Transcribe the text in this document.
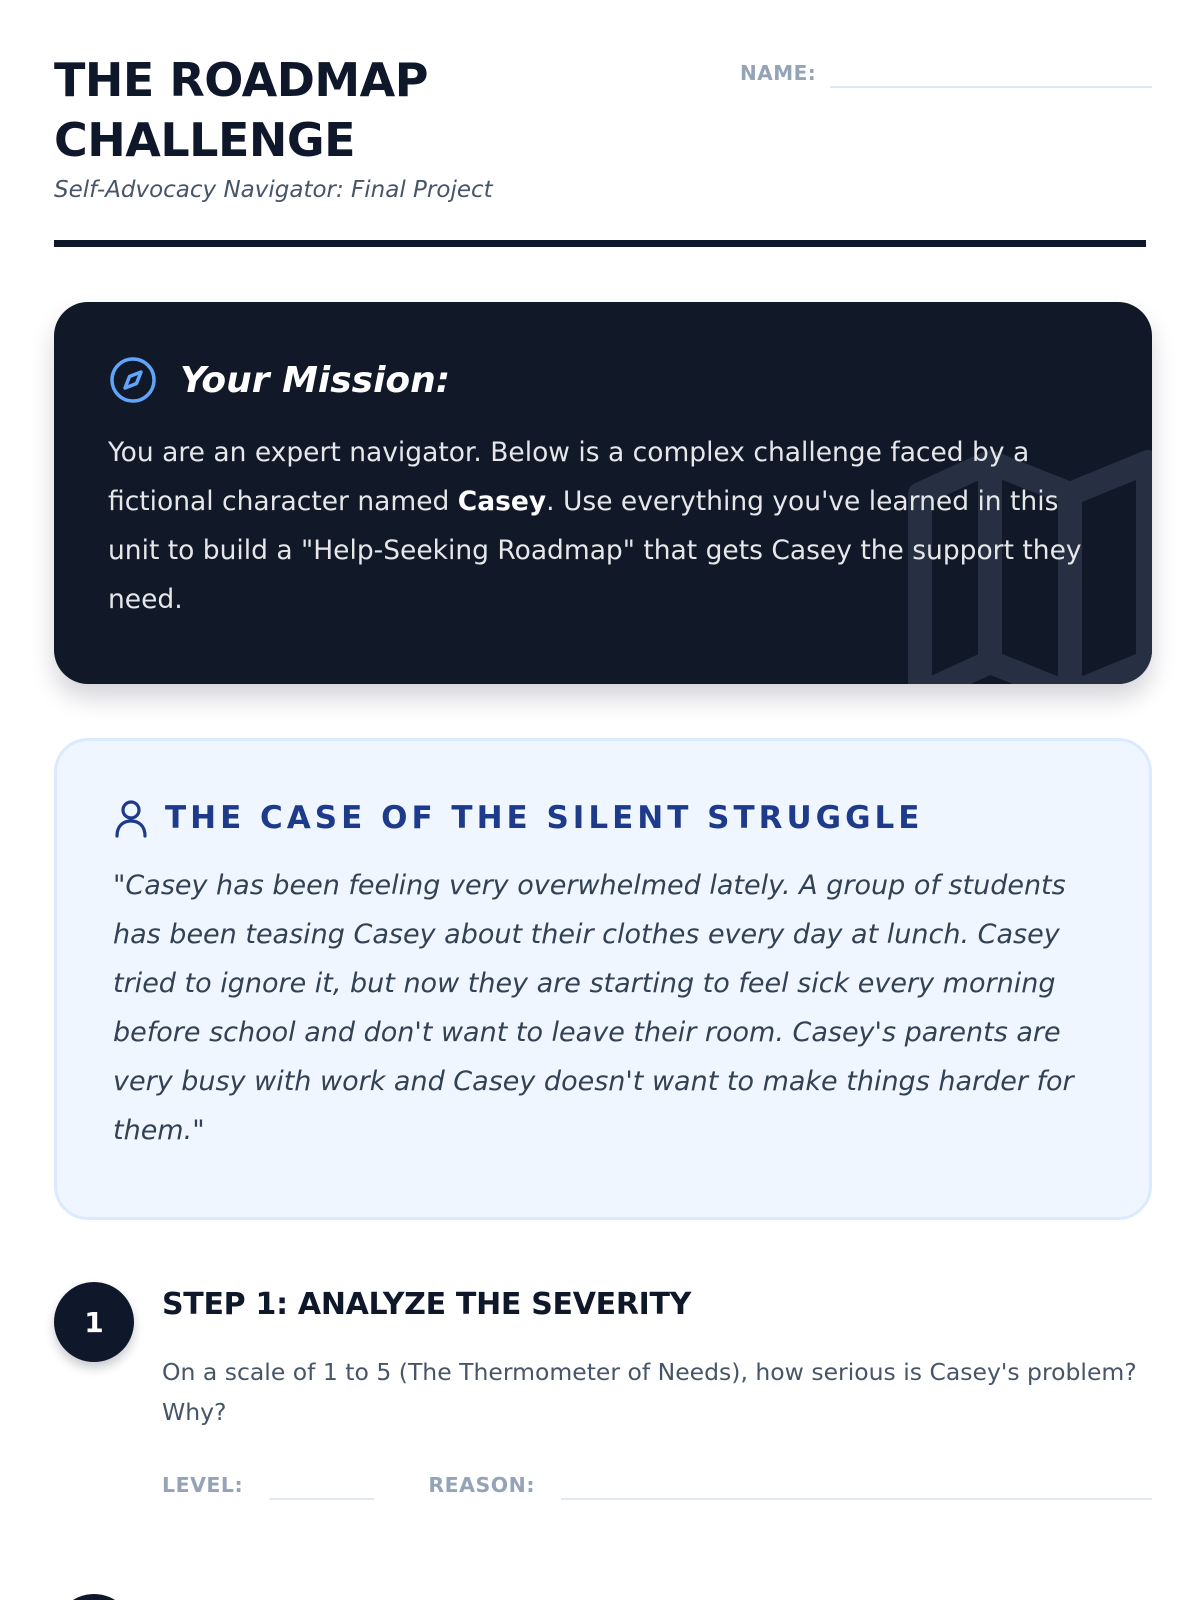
THE ROADMAP
CHALLENGE
Self-Advocacy Navigator: Final Project
NAME:
Your Mission:

You are an expert navigator. Below is a complex challenge faced by a fictional character named Casey. Use everything you've learned in this unit to build a "Help-Seeking Roadmap" that gets Casey the support they need.

THE CASE OF THE SILENT STRUGGLE

"Casey has been feeling very overwhelmed lately. A group of students has been teasing Casey about their clothes every day at lunch. Casey tried to ignore it, but now they are starting to feel sick every morning before school and don't want to leave their room. Casey's parents are very busy with work and Casey doesn't want to make things harder for them."

1	STEP 1: ANALYZE THE SEVERITY
On a scale of 1 to 5 (The Thermometer of Needs), how serious is Casey's problem? Why?
LEVEL:	REASON:
